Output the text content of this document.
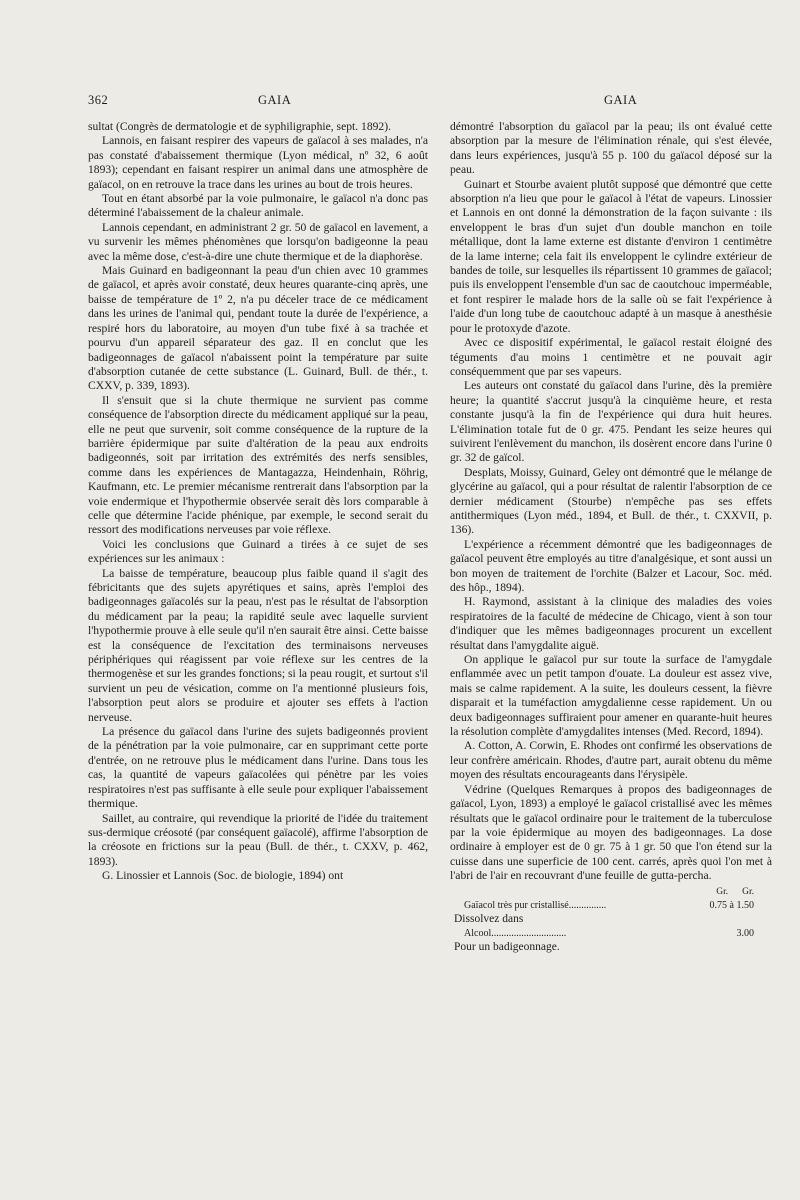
362	GAIA	GAIA

sultat (Congrès de dermatologie et de syphiligraphie, sept. 1892).

Lannois, en faisant respirer des vapeurs de gaïacol à ses malades, n'a pas constaté d'abaissement thermique (Lyon médical, nº 32, 6 août 1893); cependant en faisant respirer un animal dans une atmosphère de gaïacol, on en retrouve la trace dans les urines au bout de trois heures.

Tout en étant absorbé par la voie pulmonaire, le gaïacol n'a donc pas déterminé l'abaissement de la chaleur animale.

Lannois cependant, en administrant 2 gr. 50 de gaïacol en lavement, a vu survenir les mêmes phénomènes que lorsqu'on badigeonne la peau avec la même dose, c'est-à-dire une chute thermique et de la diaphorèse.

Mais Guinard en badigeonnant la peau d'un chien avec 10 grammes de gaïacol, et après avoir constaté, deux heures quarante-cinq après, une baisse de température de 1º 2, n'a pu déceler trace de ce médicament dans les urines de l'animal qui, pendant toute la durée de l'expérience, a respiré hors du laboratoire, au moyen d'un tube fixé à sa trachée et pourvu d'un appareil séparateur des gaz. Il en conclut que les badigeonnages de gaïacol n'abaissent point la température par suite d'absorption cutanée de cette substance (L. Guinard, Bull. de thér., t. CXXV, p. 339, 1893).

Il s'ensuit que si la chute thermique ne survient pas comme conséquence de l'absorption directe du médicament appliqué sur la peau, elle ne peut que survenir, soit comme conséquence de la rupture de la barrière épidermique par suite d'altération de la peau aux endroits badigeonnés, soit par irritation des extrémités des nerfs sensibles, comme dans les expériences de Mantagazza, Heindenhain, Röhrig, Kaufmann, etc. Le premier mécanisme rentrerait dans l'absorption par la voie endermique et l'hypothermie observée serait dès lors comparable à celle que détermine l'acide phénique, par exemple, le second serait du ressort des modifications nerveuses par voie réflexe.

Voici les conclusions que Guinard a tirées à ce sujet de ses expériences sur les animaux :

La baisse de température, beaucoup plus faible quand il s'agit des fébricitants que des sujets apyrétiques et sains, après l'emploi des badigeonnages gaïacolés sur la peau, n'est pas le résultat de l'absorption du médicament par la peau; la rapidité seule avec laquelle survient l'hypothermie prouve à elle seule qu'il n'en saurait être ainsi. Cette baisse est la conséquence de l'excitation des terminaisons nerveuses périphériques qui réagissent par voie réflexe sur les centres de la thermogenèse et sur les grandes fonctions; si la peau rougit, et surtout s'il survient un peu de vésication, comme on l'a mentionné plusieurs fois, l'absorption peut alors se produire et ajouter ses effets à l'action nerveuse.

La présence du gaïacol dans l'urine des sujets badigeonnés provient de la pénétration par la voie pulmonaire, car en supprimant cette porte d'entrée, on ne retrouve plus le médicament dans l'urine. Dans tous les cas, la quantité de vapeurs gaïacolées qui pénètre par les voies respiratoires n'est pas suffisante à elle seule pour expliquer l'abaissement thermique.

Saillet, au contraire, qui revendique la priorité de l'idée du traitement sus-dermique créosoté (par conséquent gaïacolé), affirme l'absorption de la créosote en frictions sur la peau (Bull. de thér., t. CXXV, p. 462, 1893).

G. Linossier et Lannois (Soc. de biologie, 1894) ont

démontré l'absorption du gaïacol par la peau; ils ont évalué cette absorption par la mesure de l'élimination rénale, qui s'est élevée, dans leurs expériences, jusqu'à 55 p. 100 du gaïacol déposé sur la peau.

Guinart et Stourbe avaient plutôt supposé que démontré que cette absorption n'a lieu que pour le gaïacol à l'état de vapeurs. Linossier et Lannois en ont donné la démonstration de la façon suivante : ils enveloppent le bras d'un sujet d'un double manchon en toile métallique, dont la lame externe est distante d'environ 1 centimètre de la lame interne; cela fait ils enveloppent le cylindre extérieur de bandes de toile, sur lesquelles ils répartissent 10 grammes de gaïacol; puis ils enveloppent l'ensemble d'un sac de caoutchouc imperméable, et font respirer le malade hors de la salle où se fait l'expérience à l'aide d'un long tube de caoutchouc adapté à un masque à anesthésie pour le protoxyde d'azote.

Avec ce dispositif expérimental, le gaïacol restait éloigné des téguments d'au moins 1 centimètre et ne pouvait agir conséquemment que par ses vapeurs.

Les auteurs ont constaté du gaïacol dans l'urine, dès la première heure; la quantité s'accrut jusqu'à la cinquième heure, et resta constante jusqu'à la fin de l'expérience qui dura huit heures. L'élimination totale fut de 0 gr. 475. Pendant les seize heures qui suivirent l'enlèvement du manchon, ils dosèrent encore dans l'urine 0 gr. 32 de gaïcol.

Desplats, Moissy, Guinard, Geley ont démontré que le mélange de glycérine au gaïacol, qui a pour résultat de ralentir l'absorption de ce dernier médicament (Stourbe) n'empêche pas ses effets antithermiques (Lyon méd., 1894, et Bull. de thér., t. CXXVII, p. 136).

L'expérience a récemment démontré que les badigeonnages de gaïacol peuvent être employés au titre d'analgésique, et sont aussi un bon moyen de traitement de l'orchite (Balzer et Lacour, Soc. méd. des hôp., 1894).

H. Raymond, assistant à la clinique des maladies des voies respiratoires de la faculté de médecine de Chicago, vient à son tour d'indiquer que les mêmes badigeonnages procurent un excellent résultat dans l'amygdalite aiguë.

On applique le gaïacol pur sur toute la surface de l'amygdale enflammée avec un petit tampon d'ouate. La douleur est assez vive, mais se calme rapidement. A la suite, les douleurs cessent, la fièvre disparait et la tuméfaction amygdalienne cesse rapidement. Un ou deux badigeonnages suffiraient pour amener en quarante-huit heures la résolution complète d'amygdalites intenses (Med. Record, 1894).

A. Cotton, A. Corwin, E. Rhodes ont confirmé les observations de leur confrère américain. Rhodes, d'autre part, aurait obtenu du même moyen des résultats encourageants dans l'érysipèle.

Védrine (Quelques Remarques à propos des badigeonnages de gaïacol, Lyon, 1893) a employé le gaïacol cristallisé avec les mêmes résultats que le gaïacol ordinaire pour le traitement de la tuberculose par la voie épidermique au moyen des badigeonnages. La dose ordinaire à employer est de 0 gr. 75 à 1 gr. 50 que l'on étend sur la cuisse dans une superficie de 100 cent. carrés, après quoi l'on met à l'abri de l'air en recouvrant d'une feuille de gutta-percha.

Gr. Gr.
Gaïacol très pur cristallisé...............	0.75 à 1.50
Dissolvez dans
Alcool..............................	3.00
Pour un badigeonnage.
